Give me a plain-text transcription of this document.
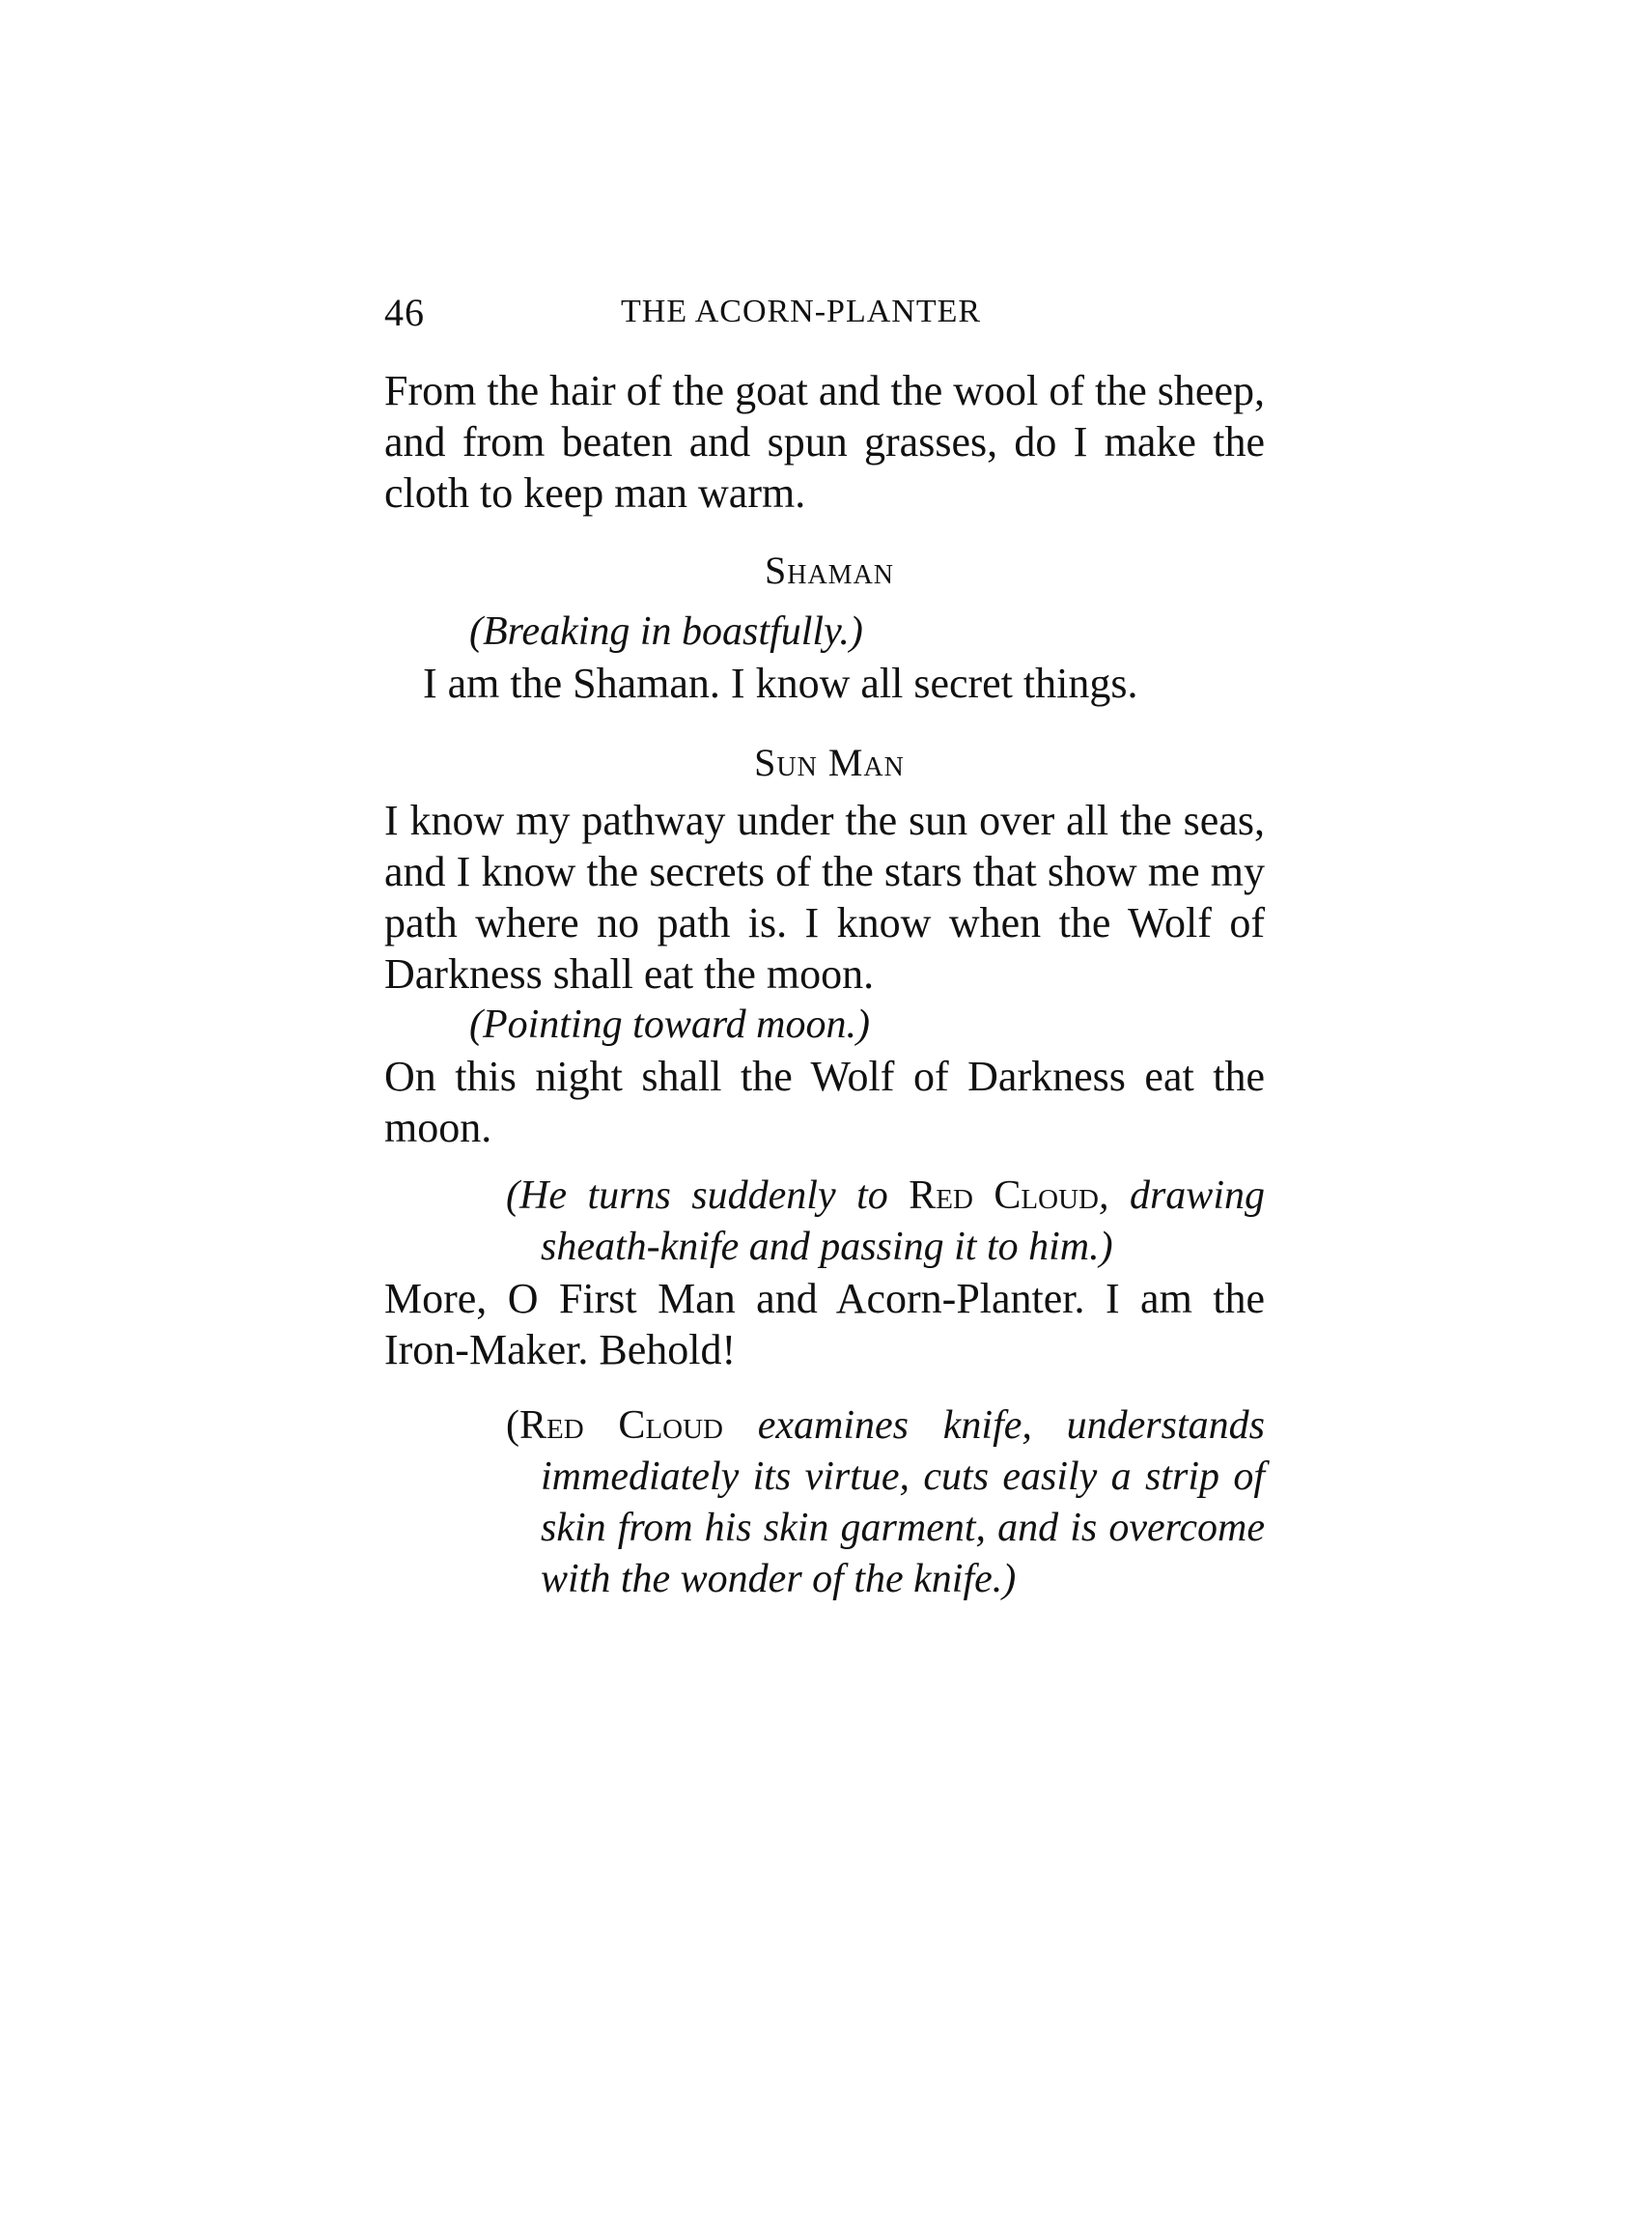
46	THE ACORN-PLANTER

From the hair of the goat and the wool of the sheep, and from beaten and spun grasses, do I make the cloth to keep man warm.

Shaman

(Breaking in boastfully.)

I am the Shaman. I know all secret things.

Sun Man

I know my pathway under the sun over all the seas, and I know the secrets of the stars that show me my path where no path is. I know when the Wolf of Darkness shall eat the moon.

(Pointing toward moon.)

On this night shall the Wolf of Darkness eat the moon.

(He turns suddenly to Red Cloud, drawing sheath-knife and passing it to him.)

More, O First Man and Acorn-Planter. I am the Iron-Maker. Behold!

(Red Cloud examines knife, understands immediately its virtue, cuts easily a strip of skin from his skin garment, and is overcome with the wonder of the knife.)
